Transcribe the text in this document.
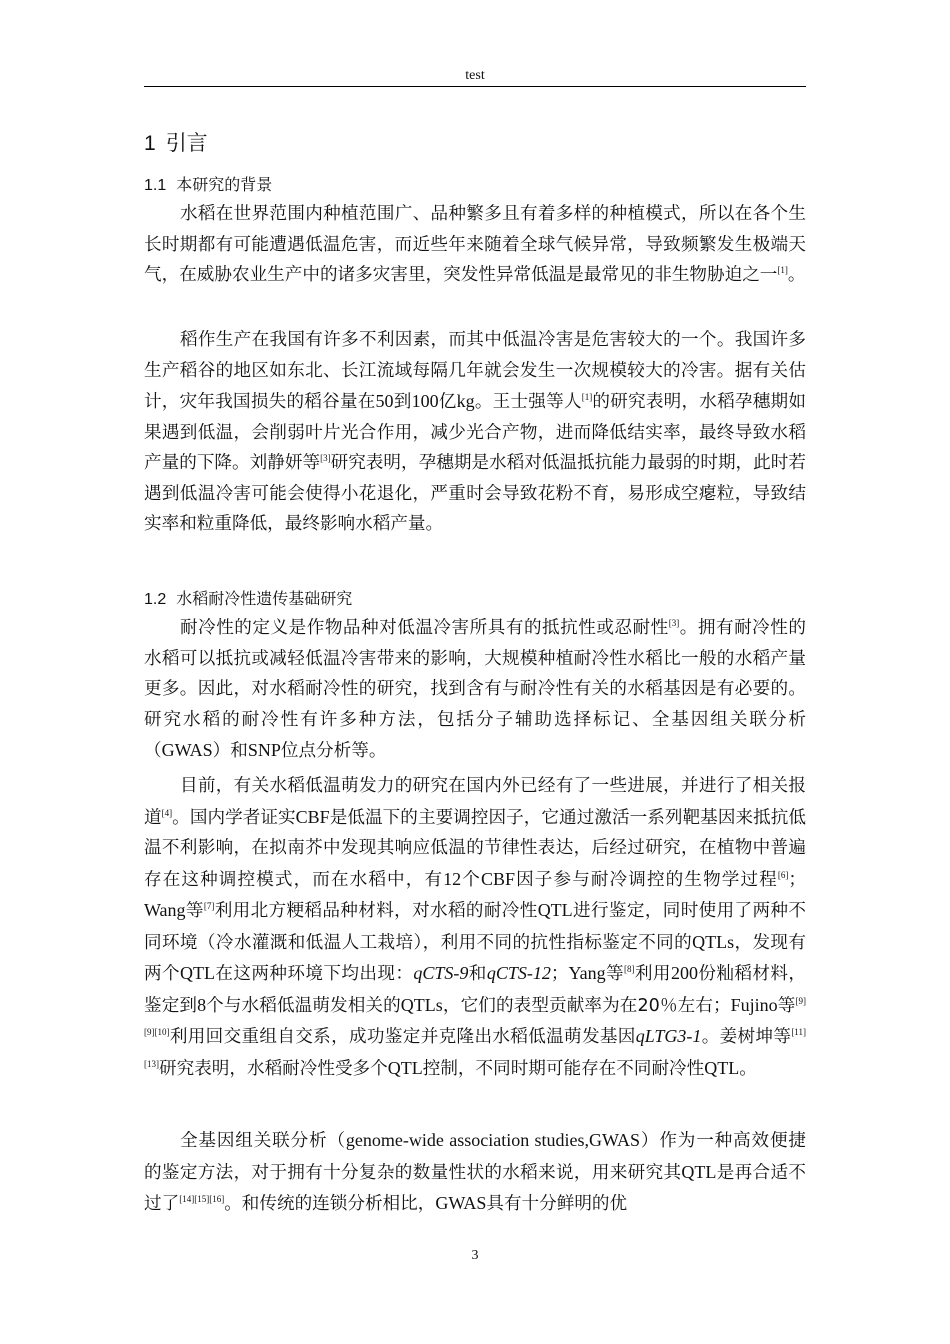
test
1 引言
1.1 本研究的背景

水稻在世界范围内种植范围广、品种繁多且有着多样的种植模式，所以在各个生长时期都有可能遭遇低温危害，而近些年来随着全球气候异常，导致频繁发生极端天气，在威胁农业生产中的诸多灾害里，突发性异常低温是最常见的非生物胁迫之一[1]。

稻作生产在我国有许多不利因素，而其中低温冷害是危害较大的一个。我国许多生产稻谷的地区如东北、长江流域每隔几年就会发生一次规模较大的冷害。据有关估计，灾年我国损失的稻谷量在50到100亿kg。王士强等人[1]的研究表明，水稻孕穗期如果遇到低温，会削弱叶片光合作用，减少光合产物，进而降低结实率，最终导致水稻产量的下降。刘静妍等[3]研究表明，孕穗期是水稻对低温抵抗能力最弱的时期，此时若遇到低温冷害可能会使得小花退化，严重时会导致花粉不育，易形成空瘪粒，导致结实率和粒重降低，最终影响水稻产量。

1.2 水稻耐冷性遗传基础研究

耐冷性的定义是作物品种对低温冷害所具有的抵抗性或忍耐性[3]。拥有耐冷性的水稻可以抵抗或减轻低温冷害带来的影响，大规模种植耐冷性水稻比一般的水稻产量更多。因此，对水稻耐冷性的研究，找到含有与耐冷性有关的水稻基因是有必要的。研究水稻的耐冷性有许多种方法，包括分子辅助选择标记、全基因组关联分析（GWAS）和SNP位点分析等。

目前，有关水稻低温萌发力的研究在国内外已经有了一些进展，并进行了相关报道[4]。国内学者证实CBF是低温下的主要调控因子，它通过激活一系列靶基因来抵抗低温不利影响，在拟南芥中发现其响应低温的节律性表达，后经过研究，在植物中普遍存在这种调控模式，而在水稻中，有12个CBF因子参与耐冷调控的生物学过程[6]；Wang等[7]利用北方粳稻品种材料，对水稻的耐冷性QTL进行鉴定，同时使用了两种不同环境（冷水灌溉和低温人工栽培），利用不同的抗性指标鉴定不同的QTLs，发现有两个QTL在这两种环境下均出现：qCTS-9和qCTS-12；Yang等[8]利用200份籼稻材料，鉴定到8个与水稻低温萌发相关的QTLs，它们的表型贡献率为在20％左右；Fujino等[9][9][10]利用回交重组自交系，成功鉴定并克隆出水稻低温萌发基因qLTG3-1。姜树坤等[11][13]研究表明，水稻耐冷性受多个QTL控制，不同时期可能存在不同耐冷性QTL。

全基因组关联分析（genome-wide association studies,GWAS）作为一种高效便捷的鉴定方法，对于拥有十分复杂的数量性状的水稻来说，用来研究其QTL是再合适不过了[14][15][16]。和传统的连锁分析相比，GWAS具有十分鲜明的优

3
